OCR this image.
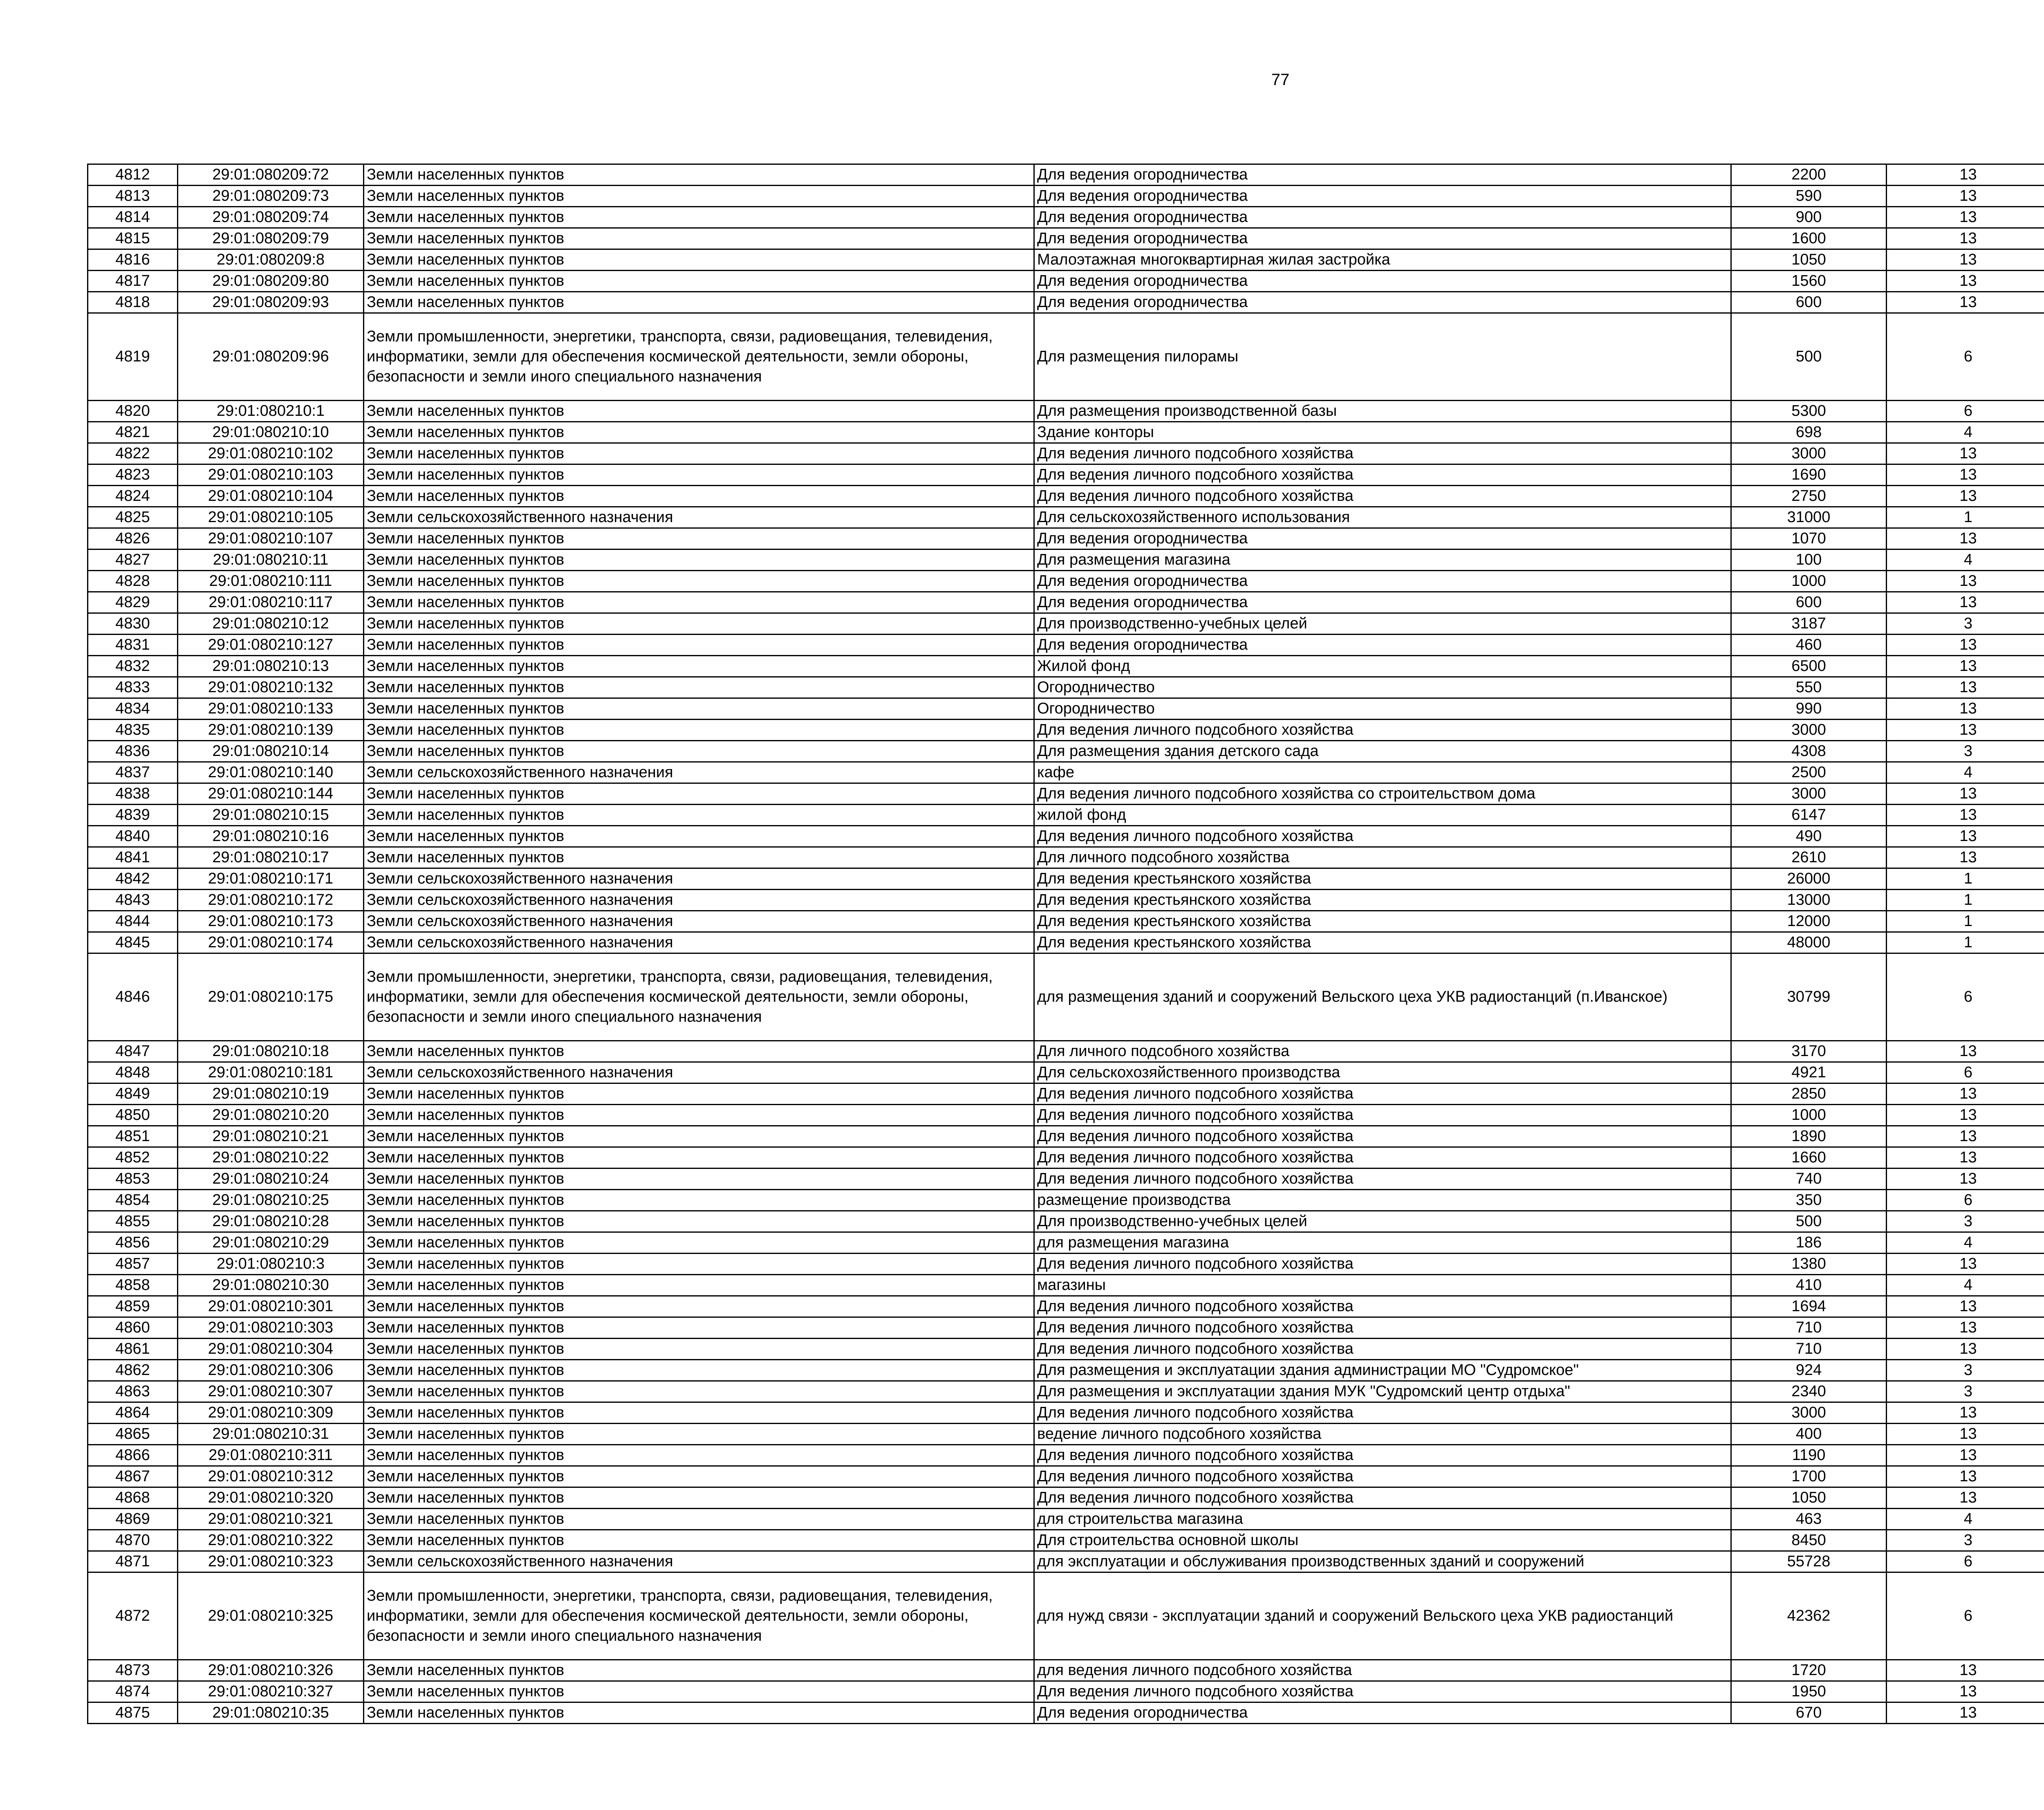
77
4812	29:01:080209:72	Земли населенных пунктов	Для ведения огородничества	2200	13		
4813	29:01:080209:73	Земли населенных пунктов	Для ведения огородничества	590	13		
4814	29:01:080209:74	Земли населенных пунктов	Для ведения огородничества	900	13		
4815	29:01:080209:79	Земли населенных пунктов	Для ведения огородничества	1600	13		
4816	29:01:080209:8	Земли населенных пунктов	Малоэтажная многоквартирная жилая застройка	1050	13		
4817	29:01:080209:80	Земли населенных пунктов	Для ведения огородничества	1560	13		
4818	29:01:080209:93	Земли населенных пунктов	Для ведения огородничества	600	13		
4819	29:01:080209:96	Земли промышленности, энергетики, транспорта, связи, радиовещания, телевидения, информатики, земли для обеспечения космической деятельности, земли обороны, безопасности и земли иного специального назначения	Для размещения пилорамы	500	6		
4820	29:01:080210:1	Земли населенных пунктов	Для размещения производственной базы	5300	6		
4821	29:01:080210:10	Земли населенных пунктов	Здание конторы	698	4		
4822	29:01:080210:102	Земли населенных пунктов	Для ведения личного подсобного хозяйства	3000	13		
4823	29:01:080210:103	Земли населенных пунктов	Для ведения личного подсобного хозяйства	1690	13		
4824	29:01:080210:104	Земли населенных пунктов	Для ведения личного подсобного хозяйства	2750	13		
4825	29:01:080210:105	Земли сельскохозяйственного назначения	Для сельскохозяйственного использования	31000	1		
4826	29:01:080210:107	Земли населенных пунктов	Для ведения огородничества	1070	13		
4827	29:01:080210:11	Земли населенных пунктов	Для размещения магазина	100	4		
4828	29:01:080210:111	Земли населенных пунктов	Для ведения огородничества	1000	13		
4829	29:01:080210:117	Земли населенных пунктов	Для ведения огородничества	600	13		
4830	29:01:080210:12	Земли населенных пунктов	Для производственно-учебных целей	3187	3		
4831	29:01:080210:127	Земли населенных пунктов	Для ведения огородничества	460	13		
4832	29:01:080210:13	Земли населенных пунктов	Жилой фонд	6500	13		
4833	29:01:080210:132	Земли населенных пунктов	Огородничество	550	13		
4834	29:01:080210:133	Земли населенных пунктов	Огородничество	990	13		
4835	29:01:080210:139	Земли населенных пунктов	Для ведения личного подсобного хозяйства	3000	13		
4836	29:01:080210:14	Земли населенных пунктов	Для размещения здания детского сада	4308	3		
4837	29:01:080210:140	Земли сельскохозяйственного назначения	кафе	2500	4		
4838	29:01:080210:144	Земли населенных пунктов	Для ведения личного подсобного хозяйства со строительством дома	3000	13		
4839	29:01:080210:15	Земли населенных пунктов	жилой фонд	6147	13		
4840	29:01:080210:16	Земли населенных пунктов	Для ведения личного подсобного хозяйства	490	13		
4841	29:01:080210:17	Земли населенных пунктов	Для личного подсобного хозяйства	2610	13		
4842	29:01:080210:171	Земли сельскохозяйственного назначения	Для ведения крестьянского хозяйства	26000	1		
4843	29:01:080210:172	Земли сельскохозяйственного назначения	Для ведения крестьянского хозяйства	13000	1		
4844	29:01:080210:173	Земли сельскохозяйственного назначения	Для ведения крестьянского хозяйства	12000	1		
4845	29:01:080210:174	Земли сельскохозяйственного назначения	Для ведения крестьянского хозяйства	48000	1		
4846	29:01:080210:175	Земли промышленности, энергетики, транспорта, связи, радиовещания, телевидения, информатики, земли для обеспечения космической деятельности, земли обороны, безопасности и земли иного специального назначения	для размещения зданий и сооружений Вельского цеха УКВ радиостанций (п.Иванское)	30799	6		
4847	29:01:080210:18	Земли населенных пунктов	Для личного подсобного хозяйства	3170	13		
4848	29:01:080210:181	Земли сельскохозяйственного назначения	Для сельскохозяйственного производства	4921	6		
4849	29:01:080210:19	Земли населенных пунктов	Для ведения личного подсобного хозяйства	2850	13		
4850	29:01:080210:20	Земли населенных пунктов	Для ведения личного подсобного хозяйства	1000	13		
4851	29:01:080210:21	Земли населенных пунктов	Для ведения личного подсобного хозяйства	1890	13		
4852	29:01:080210:22	Земли населенных пунктов	Для ведения личного подсобного хозяйства	1660	13		
4853	29:01:080210:24	Земли населенных пунктов	Для ведения личного подсобного хозяйства	740	13		
4854	29:01:080210:25	Земли населенных пунктов	размещение производства	350	6		
4855	29:01:080210:28	Земли населенных пунктов	Для производственно-учебных целей	500	3		
4856	29:01:080210:29	Земли населенных пунктов	для размещения магазина	186	4		
4857	29:01:080210:3	Земли населенных пунктов	Для ведения личного подсобного хозяйства	1380	13		
4858	29:01:080210:30	Земли населенных пунктов	магазины	410	4		
4859	29:01:080210:301	Земли населенных пунктов	Для ведения личного подсобного хозяйства	1694	13		
4860	29:01:080210:303	Земли населенных пунктов	Для ведения личного подсобного хозяйства	710	13		
4861	29:01:080210:304	Земли населенных пунктов	Для ведения личного подсобного хозяйства	710	13		
4862	29:01:080210:306	Земли населенных пунктов	Для размещения и эксплуатации здания администрации МО "Судромское"	924	3		
4863	29:01:080210:307	Земли населенных пунктов	Для размещения и эксплуатации здания МУК "Судромский центр отдыха"	2340	3		
4864	29:01:080210:309	Земли населенных пунктов	Для ведения личного подсобного хозяйства	3000	13		
4865	29:01:080210:31	Земли населенных пунктов	ведение личного подсобного хозяйства	400	13		
4866	29:01:080210:311	Земли населенных пунктов	Для ведения личного подсобного хозяйства	1190	13		
4867	29:01:080210:312	Земли населенных пунктов	Для ведения личного подсобного хозяйства	1700	13		
4868	29:01:080210:320	Земли населенных пунктов	Для ведения личного подсобного хозяйства	1050	13		
4869	29:01:080210:321	Земли населенных пунктов	для строительства магазина	463	4		
4870	29:01:080210:322	Земли населенных пунктов	Для строительства основной школы	8450	3		
4871	29:01:080210:323	Земли сельскохозяйственного назначения	для эксплуатации и обслуживания производственных зданий и сооружений	55728	6		
4872	29:01:080210:325	Земли промышленности, энергетики, транспорта, связи, радиовещания, телевидения, информатики, земли для обеспечения космической деятельности, земли обороны, безопасности и земли иного специального назначения	для нужд связи - эксплуатации зданий и сооружений Вельского цеха УКВ радиостанций	42362	6		
4873	29:01:080210:326	Земли населенных пунктов	для ведения личного подсобного хозяйства	1720	13		
4874	29:01:080210:327	Земли населенных пунктов	Для ведения личного подсобного хозяйства	1950	13		
4875	29:01:080210:35	Земли населенных пунктов	Для ведения огородничества	670	13		
